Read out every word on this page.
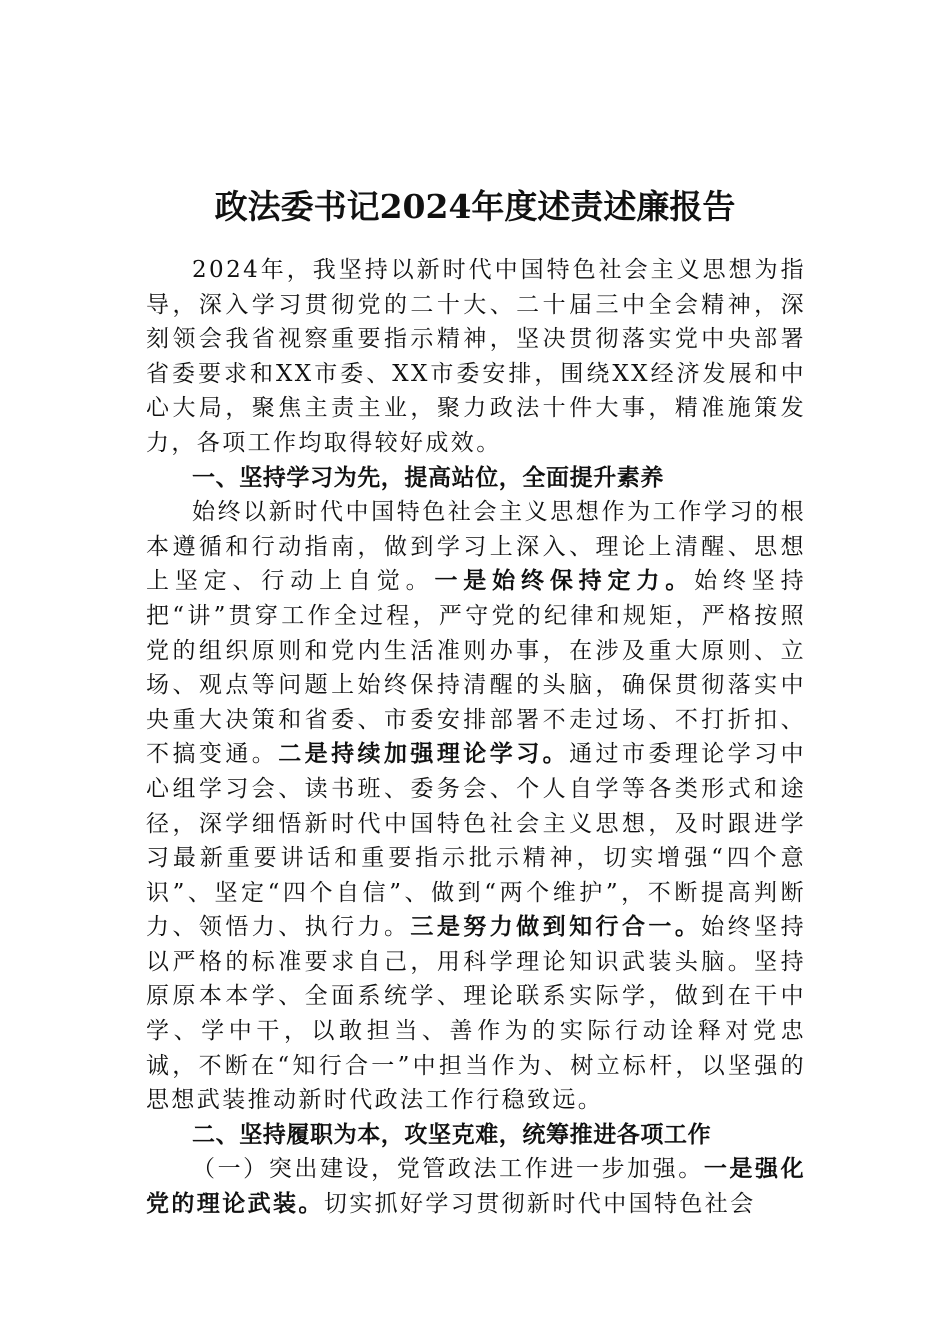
政法委书记2024年度述责述廉报告

2024年，我坚持以新时代中国特色社会主义思想为指导，深入学习贯彻党的二十大、二十届三中全会精神，深刻领会我省视察重要指示精神，坚决贯彻落实党中央部署省委要求和XX市委、XX市委安排，围绕XX经济发展和中心大局，聚焦主责主业，聚力政法十件大事，精准施策发力，各项工作均取得较好成效。

一、坚持学习为先，提高站位，全面提升素养

始终以新时代中国特色社会主义思想作为工作学习的根本遵循和行动指南，做到学习上深入、理论上清醒、思想上坚定、行动上自觉。一是始终保持定力。始终坚持把“讲”贯穿工作全过程，严守党的纪律和规矩，严格按照党的组织原则和党内生活准则办事，在涉及重大原则、立场、观点等问题上始终保持清醒的头脑，确保贯彻落实中央重大决策和省委、市委安排部署不走过场、不打折扣、不搞变通。二是持续加强理论学习。通过市委理论学习中心组学习会、读书班、委务会、个人自学等各类形式和途径，深学细悟新时代中国特色社会主义思想，及时跟进学习最新重要讲话和重要指示批示精神，切实增强“四个意识”、坚定“四个自信”、做到“两个维护”，不断提高判断力、领悟力、执行力。三是努力做到知行合一。始终坚持以严格的标准要求自己，用科学理论知识武装头脑。坚持原原本本学、全面系统学、理论联系实际学，做到在干中学、学中干，以敢担当、善作为的实际行动诠释对党忠诚，不断在“知行合一”中担当作为、树立标杆，以坚强的思想武装推动新时代政法工作行稳致远。

二、坚持履职为本，攻坚克难，统筹推进各项工作

（一）突出建设，党管政法工作进一步加强。一是强化党的理论武装。切实抓好学习贯彻新时代中国特色社会
